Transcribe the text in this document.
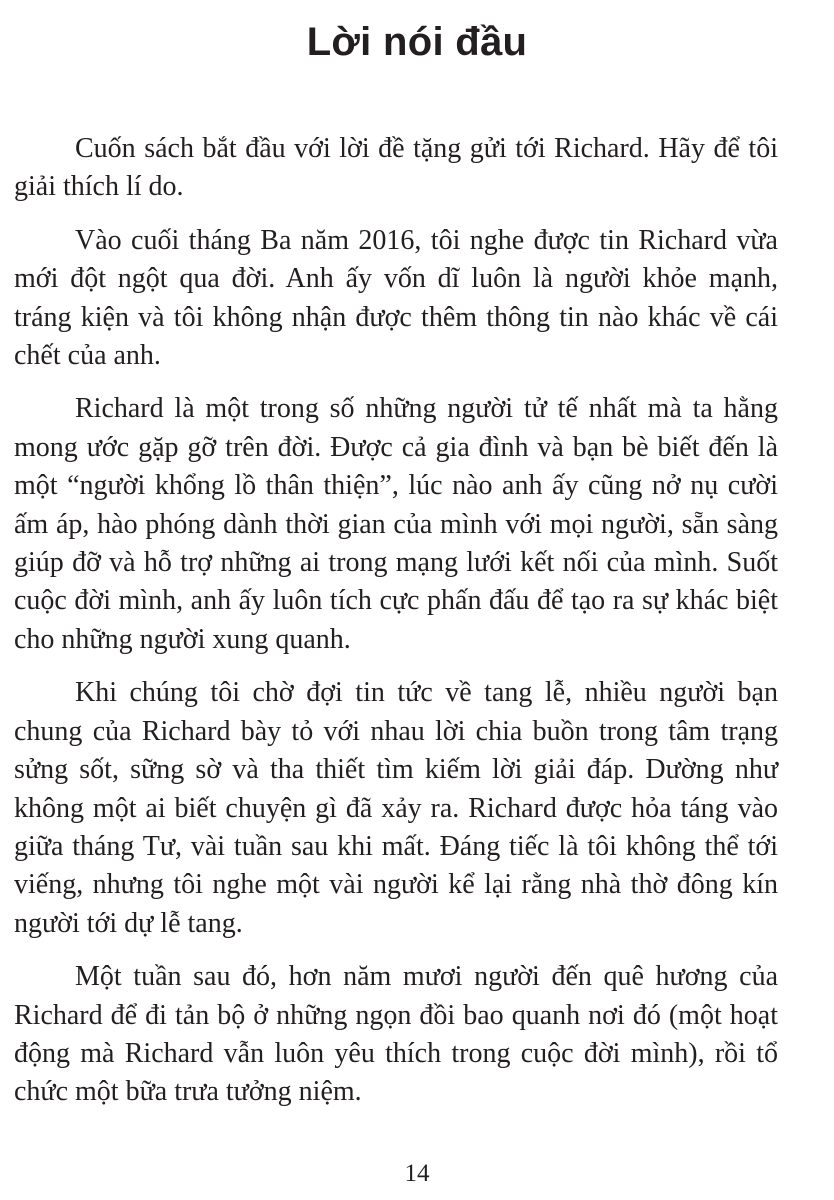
Lời nói đầu

Cuốn sách bắt đầu với lời đề tặng gửi tới Richard. Hãy để tôi giải thích lí do.

Vào cuối tháng Ba năm 2016, tôi nghe được tin Richard vừa mới đột ngột qua đời. Anh ấy vốn dĩ luôn là người khỏe mạnh, tráng kiện và tôi không nhận được thêm thông tin nào khác về cái chết của anh.

Richard là một trong số những người tử tế nhất mà ta hằng mong ước gặp gỡ trên đời. Được cả gia đình và bạn bè biết đến là một “người khổng lồ thân thiện”, lúc nào anh ấy cũng nở nụ cười ấm áp, hào phóng dành thời gian của mình với mọi người, sẵn sàng giúp đỡ và hỗ trợ những ai trong mạng lưới kết nối của mình. Suốt cuộc đời mình, anh ấy luôn tích cực phấn đấu để tạo ra sự khác biệt cho những người xung quanh.

Khi chúng tôi chờ đợi tin tức về tang lễ, nhiều người bạn chung của Richard bày tỏ với nhau lời chia buồn trong tâm trạng sửng sốt, sững sờ và tha thiết tìm kiếm lời giải đáp. Dường như không một ai biết chuyện gì đã xảy ra. Richard được hỏa táng vào giữa tháng Tư, vài tuần sau khi mất. Đáng tiếc là tôi không thể tới viếng, nhưng tôi nghe một vài người kể lại rằng nhà thờ đông kín người tới dự lễ tang.

Một tuần sau đó, hơn năm mươi người đến quê hương của Richard để đi tản bộ ở những ngọn đồi bao quanh nơi đó (một hoạt động mà Richard vẫn luôn yêu thích trong cuộc đời mình), rồi tổ chức một bữa trưa tưởng niệm.

14
